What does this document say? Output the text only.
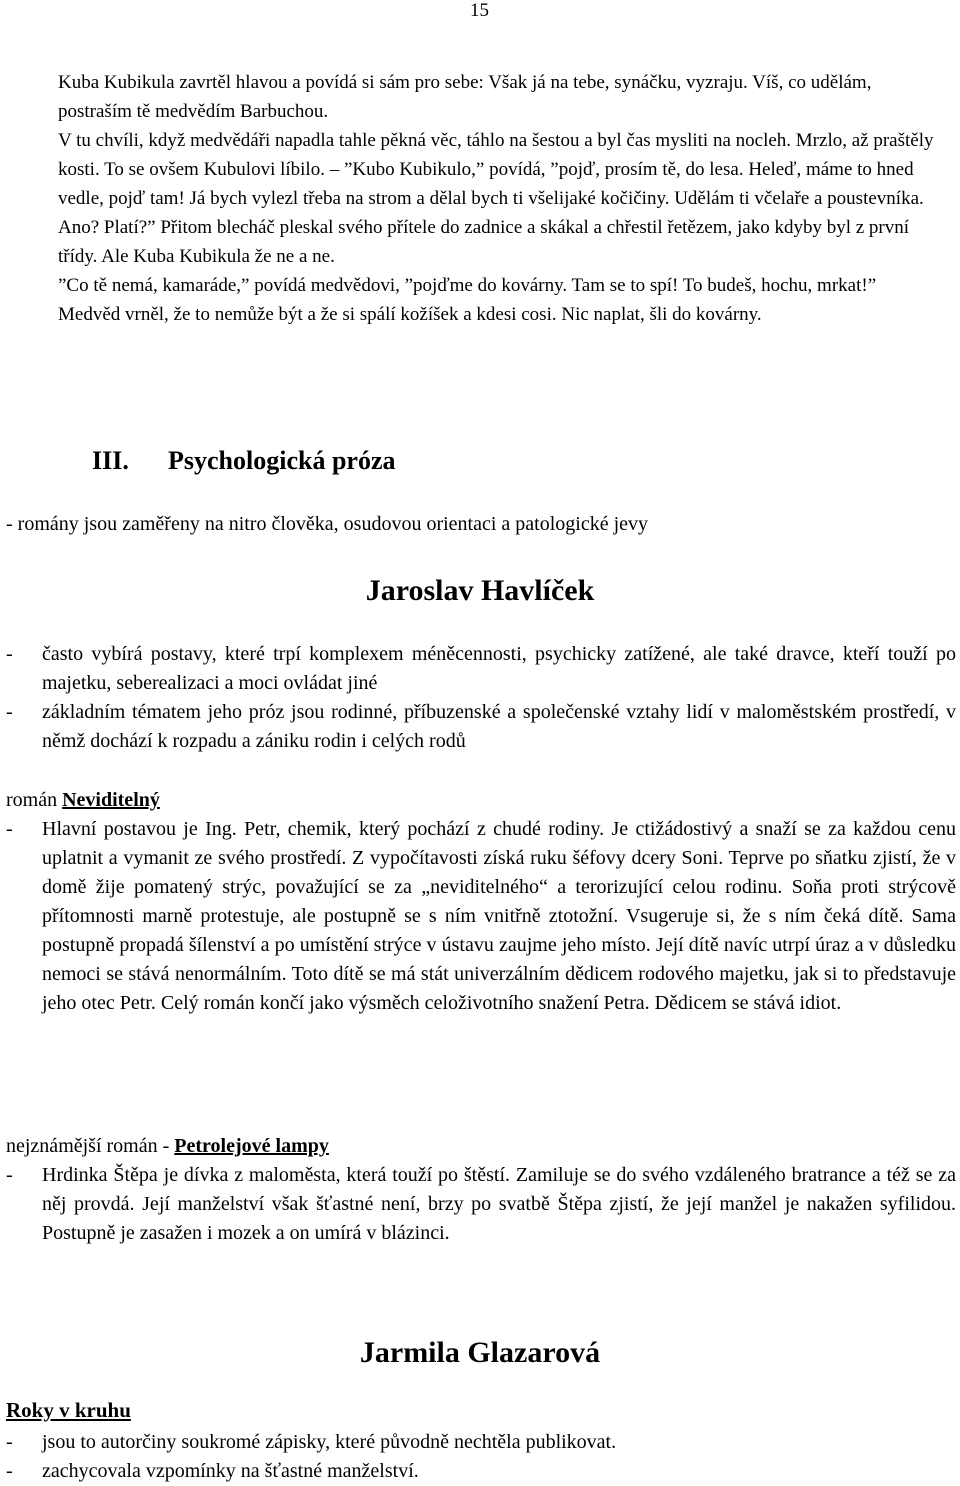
15

Kuba Kubikula zavrtěl hlavou a povídá si sám pro sebe: Však já na tebe, synáčku, vyzraju. Víš, co udělám, postraším tě medvědím Barbuchou.

V tu chvíli, když medvědáři napadla tahle pěkná věc, táhlo na šestou a byl čas mysliti na nocleh. Mrzlo, až praštěly kosti. To se ovšem Kubulovi líbilo. – ”Kubo Kubikulo,” povídá, ”pojď, prosím tě, do lesa. Heleď, máme to hned vedle, pojď tam! Já bych vylezl třeba na strom a dělal bych ti všelijaké kočičiny. Udělám ti včelaře a poustevníka. Ano? Platí?” Přitom blecháč pleskal svého přítele do zadnice a skákal a chřestil řetězem, jako kdyby byl z první třídy. Ale Kuba Kubikula že ne a ne.

”Co tě nemá, kamaráde,” povídá medvědovi, ”pojďme do kovárny. Tam se to spí! To budeš, hochu, mrkat!”

Medvěd vrněl, že to nemůže být a že si spálí kožíšek a kdesi cosi. Nic naplat, šli do kovárny.

III. Psychologická próza
- romány jsou zaměřeny na nitro člověka, osudovou orientaci a patologické jevy
Jaroslav Havlíček
- často vybírá postavy, které trpí komplexem méněcennosti, psychicky zatížené, ale také dravce, kteří touží po majetku, seberealizaci a moci ovládat jiné
- základním tématem jeho próz jsou rodinné, příbuzenské a společenské vztahy lidí v maloměstském prostředí, v němž dochází k rozpadu a zániku rodin i celých rodů
román Neviditelný
- Hlavní postavou je Ing. Petr, chemik, který pochází z chudé rodiny. Je ctižádostivý a snaží se za každou cenu uplatnit a vymanit ze svého prostředí. Z vypočítavosti získá ruku šéfovy dcery Soni. Teprve po sňatku zjistí, že v domě žije pomatený strýc, považující se za „neviditelného“ a terorizující celou rodinu. Soňa proti strýcově přítomnosti marně protestuje, ale postupně se s ním vnitřně ztotožní. Vsugeruje si, že s ním čeká dítě. Sama postupně propadá šílenství a po umístění strýce v ústavu zaujme jeho místo. Její dítě navíc utrpí úraz a v důsledku nemoci se stává nenormálním. Toto dítě se má stát univerzálním dědicem rodového majetku, jak si to představuje jeho otec Petr. Celý román končí jako výsměch celoživotního snažení Petra. Dědicem se stává idiot.
nejznámější román - Petrolejové lampy
- Hrdinka Štěpa je dívka z maloměsta, která touží po štěstí. Zamiluje se do svého vzdáleného bratrance a též se za něj provdá. Její manželství však šťastné není, brzy po svatbě Štěpa zjistí, že její manžel je nakažen syfilidou. Postupně je zasažen i mozek a on umírá v blázinci.
Jarmila Glazarová
Roky v kruhu
- jsou to autorčiny soukromé zápisky, které původně nechtěla publikovat.
- zachycovala vzpomínky na šťastné manželství.
